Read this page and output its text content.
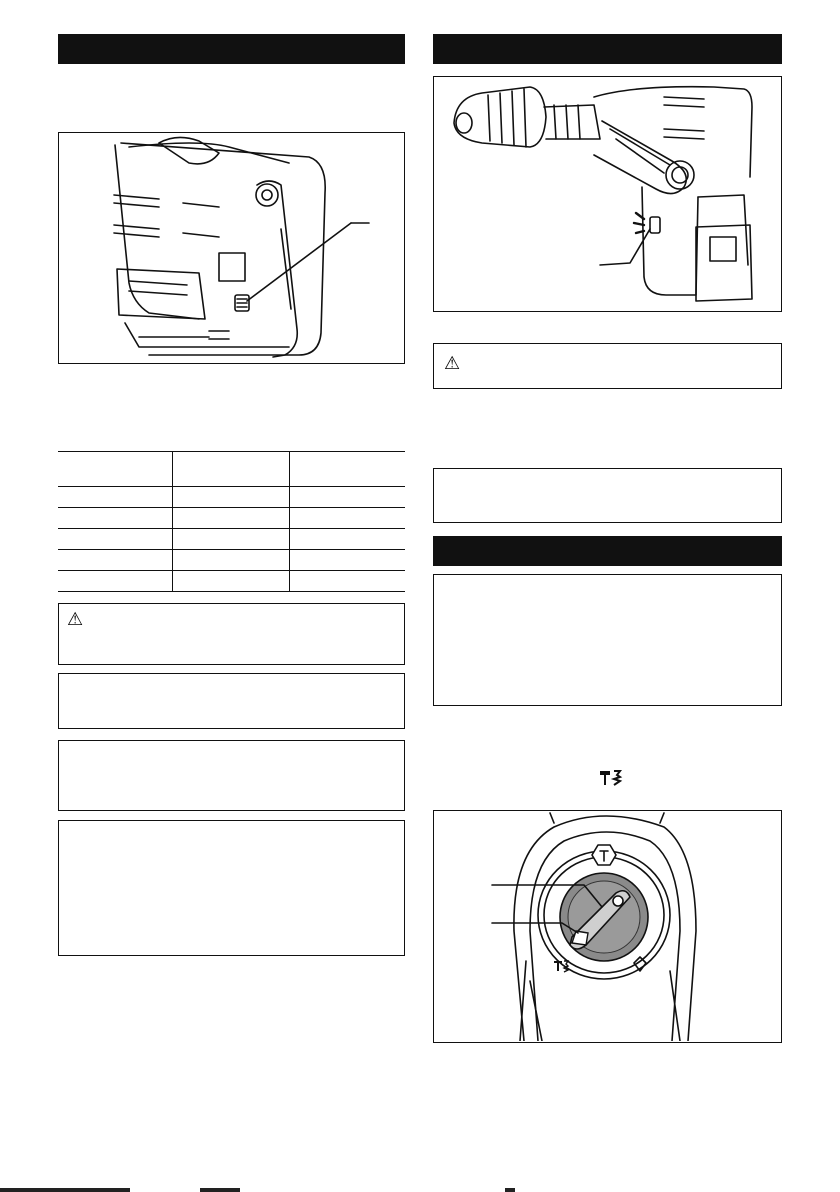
⚠
⚠
